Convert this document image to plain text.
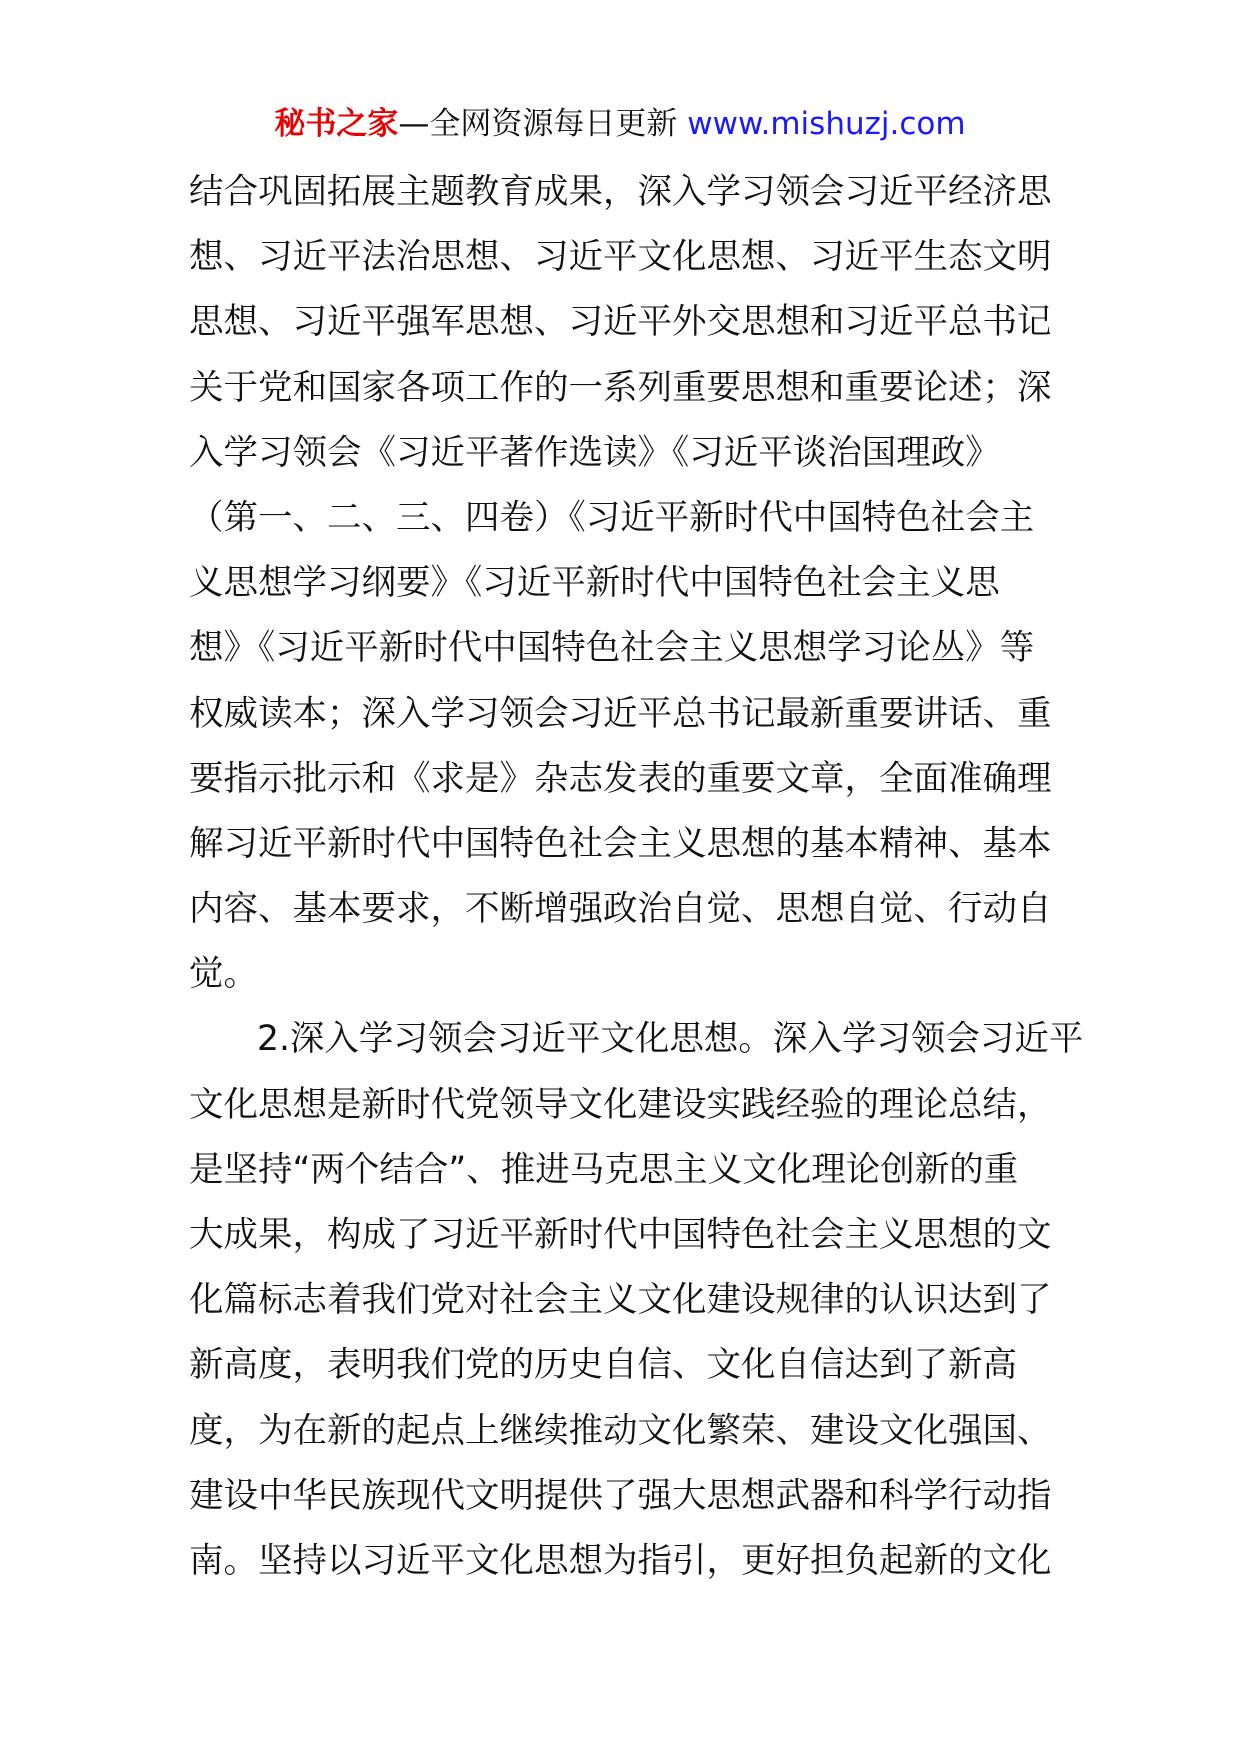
秘书之家—全网资源每日更新 www.mishuzj.com
结合巩固拓展主题教育成果，深入学习领会习近平经济思
想、习近平法治思想、习近平文化思想、习近平生态文明
思想、习近平强军思想、习近平外交思想和习近平总书记
关于党和国家各项工作的一系列重要思想和重要论述；深
入学习领会《习近平著作选读》《习近平谈治国理政》
（第一、二、三、四卷）《习近平新时代中国特色社会主
义思想学习纲要》《习近平新时代中国特色社会主义思
想》《习近平新时代中国特色社会主义思想学习论丛》等
权威读本；深入学习领会习近平总书记最新重要讲话、重
要指示批示和《求是》杂志发表的重要文章，全面准确理
解习近平新时代中国特色社会主义思想的基本精神、基本
内容、基本要求，不断增强政治自觉、思想自觉、行动自
觉。
2.深入学习领会习近平文化思想。深入学习领会习近平
文化思想是新时代党领导文化建设实践经验的理论总结，
是坚持“两个结合”、推进马克思主义文化理论创新的重
大成果，构成了习近平新时代中国特色社会主义思想的文
化篇标志着我们党对社会主义文化建设规律的认识达到了
新高度，表明我们党的历史自信、文化自信达到了新高
度，为在新的起点上继续推动文化繁荣、建设文化强国、
建设中华民族现代文明提供了强大思想武器和科学行动指
南。坚持以习近平文化思想为指引，更好担负起新的文化
